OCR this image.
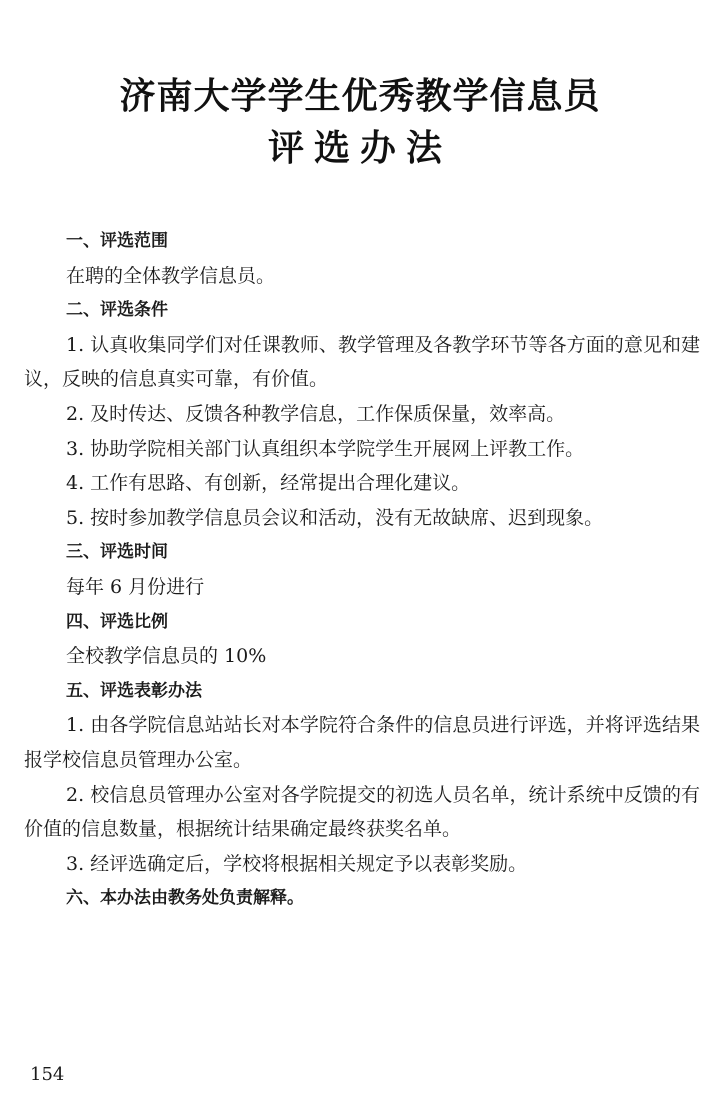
济南大学学生优秀教学信息员
评选办法

一、评选范围

在聘的全体教学信息员。

二、评选条件

1. 认真收集同学们对任课教师、教学管理及各教学环节等各方面的意见和建议，反映的信息真实可靠，有价值。

2. 及时传达、反馈各种教学信息，工作保质保量，效率高。

3. 协助学院相关部门认真组织本学院学生开展网上评教工作。

4. 工作有思路、有创新，经常提出合理化建议。

5. 按时参加教学信息员会议和活动，没有无故缺席、迟到现象。

三、评选时间

每年 6 月份进行

四、评选比例

全校教学信息员的 10%

五、评选表彰办法

1. 由各学院信息站站长对本学院符合条件的信息员进行评选，并将评选结果报学校信息员管理办公室。

2. 校信息员管理办公室对各学院提交的初选人员名单，统计系统中反馈的有价值的信息数量，根据统计结果确定最终获奖名单。

3. 经评选确定后，学校将根据相关规定予以表彰奖励。

六、本办法由教务处负责解释。

154
